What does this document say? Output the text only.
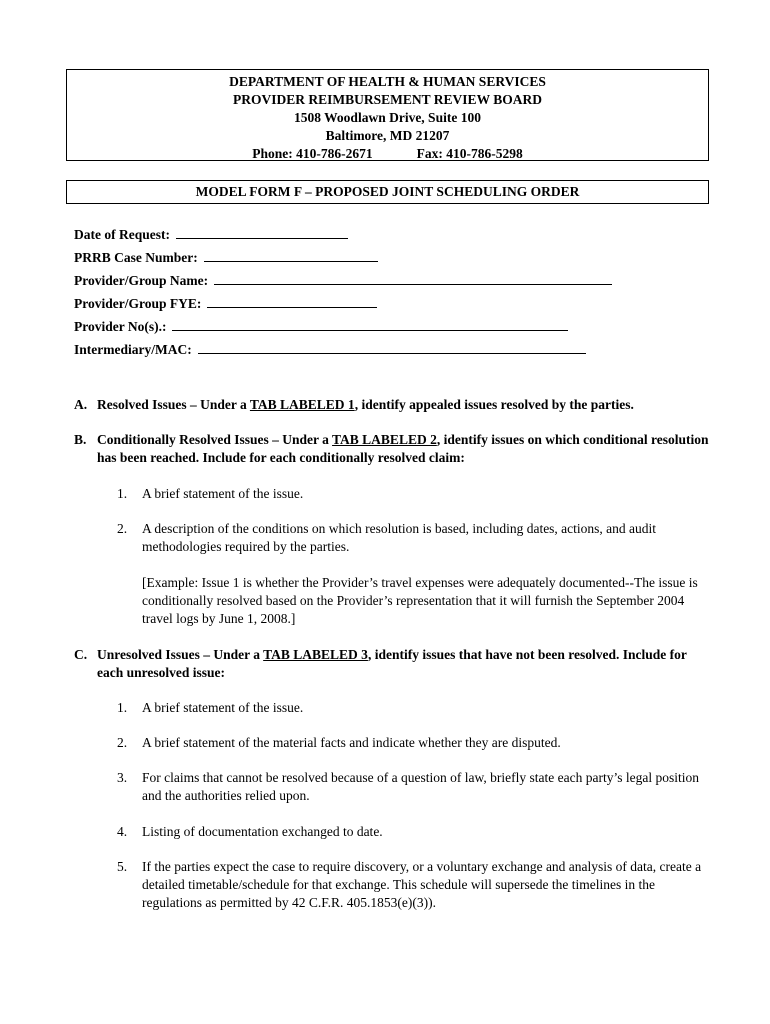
DEPARTMENT OF HEALTH & HUMAN SERVICES
PROVIDER REIMBURSEMENT REVIEW BOARD
1508 Woodlawn Drive, Suite 100
Baltimore, MD 21207
Phone: 410-786-2671	Fax: 410-786-5298
MODEL FORM F – PROPOSED JOINT SCHEDULING ORDER
Date of Request:
PRRB Case Number:
Provider/Group Name:
Provider/Group FYE:
Provider No(s).:
Intermediary/MAC:
A. Resolved Issues – Under a TAB LABELED 1, identify appealed issues resolved by the parties.
B. Conditionally Resolved Issues – Under a TAB LABELED 2, identify issues on which conditional resolution has been reached. Include for each conditionally resolved claim:
1. A brief statement of the issue.
2. A description of the conditions on which resolution is based, including dates, actions, and audit methodologies required by the parties.
[Example: Issue 1 is whether the Provider’s travel expenses were adequately documented--The issue is conditionally resolved based on the Provider’s representation that it will furnish the September 2004 travel logs by June 1, 2008.]
C. Unresolved Issues – Under a TAB LABELED 3, identify issues that have not been resolved. Include for each unresolved issue:
1. A brief statement of the issue.
2. A brief statement of the material facts and indicate whether they are disputed.
3. For claims that cannot be resolved because of a question of law, briefly state each party’s legal position and the authorities relied upon.
4. Listing of documentation exchanged to date.
5. If the parties expect the case to require discovery, or a voluntary exchange and analysis of data, create a detailed timetable/schedule for that exchange. This schedule will supersede the timelines in the regulations as permitted by 42 C.F.R. 405.1853(e)(3)).
